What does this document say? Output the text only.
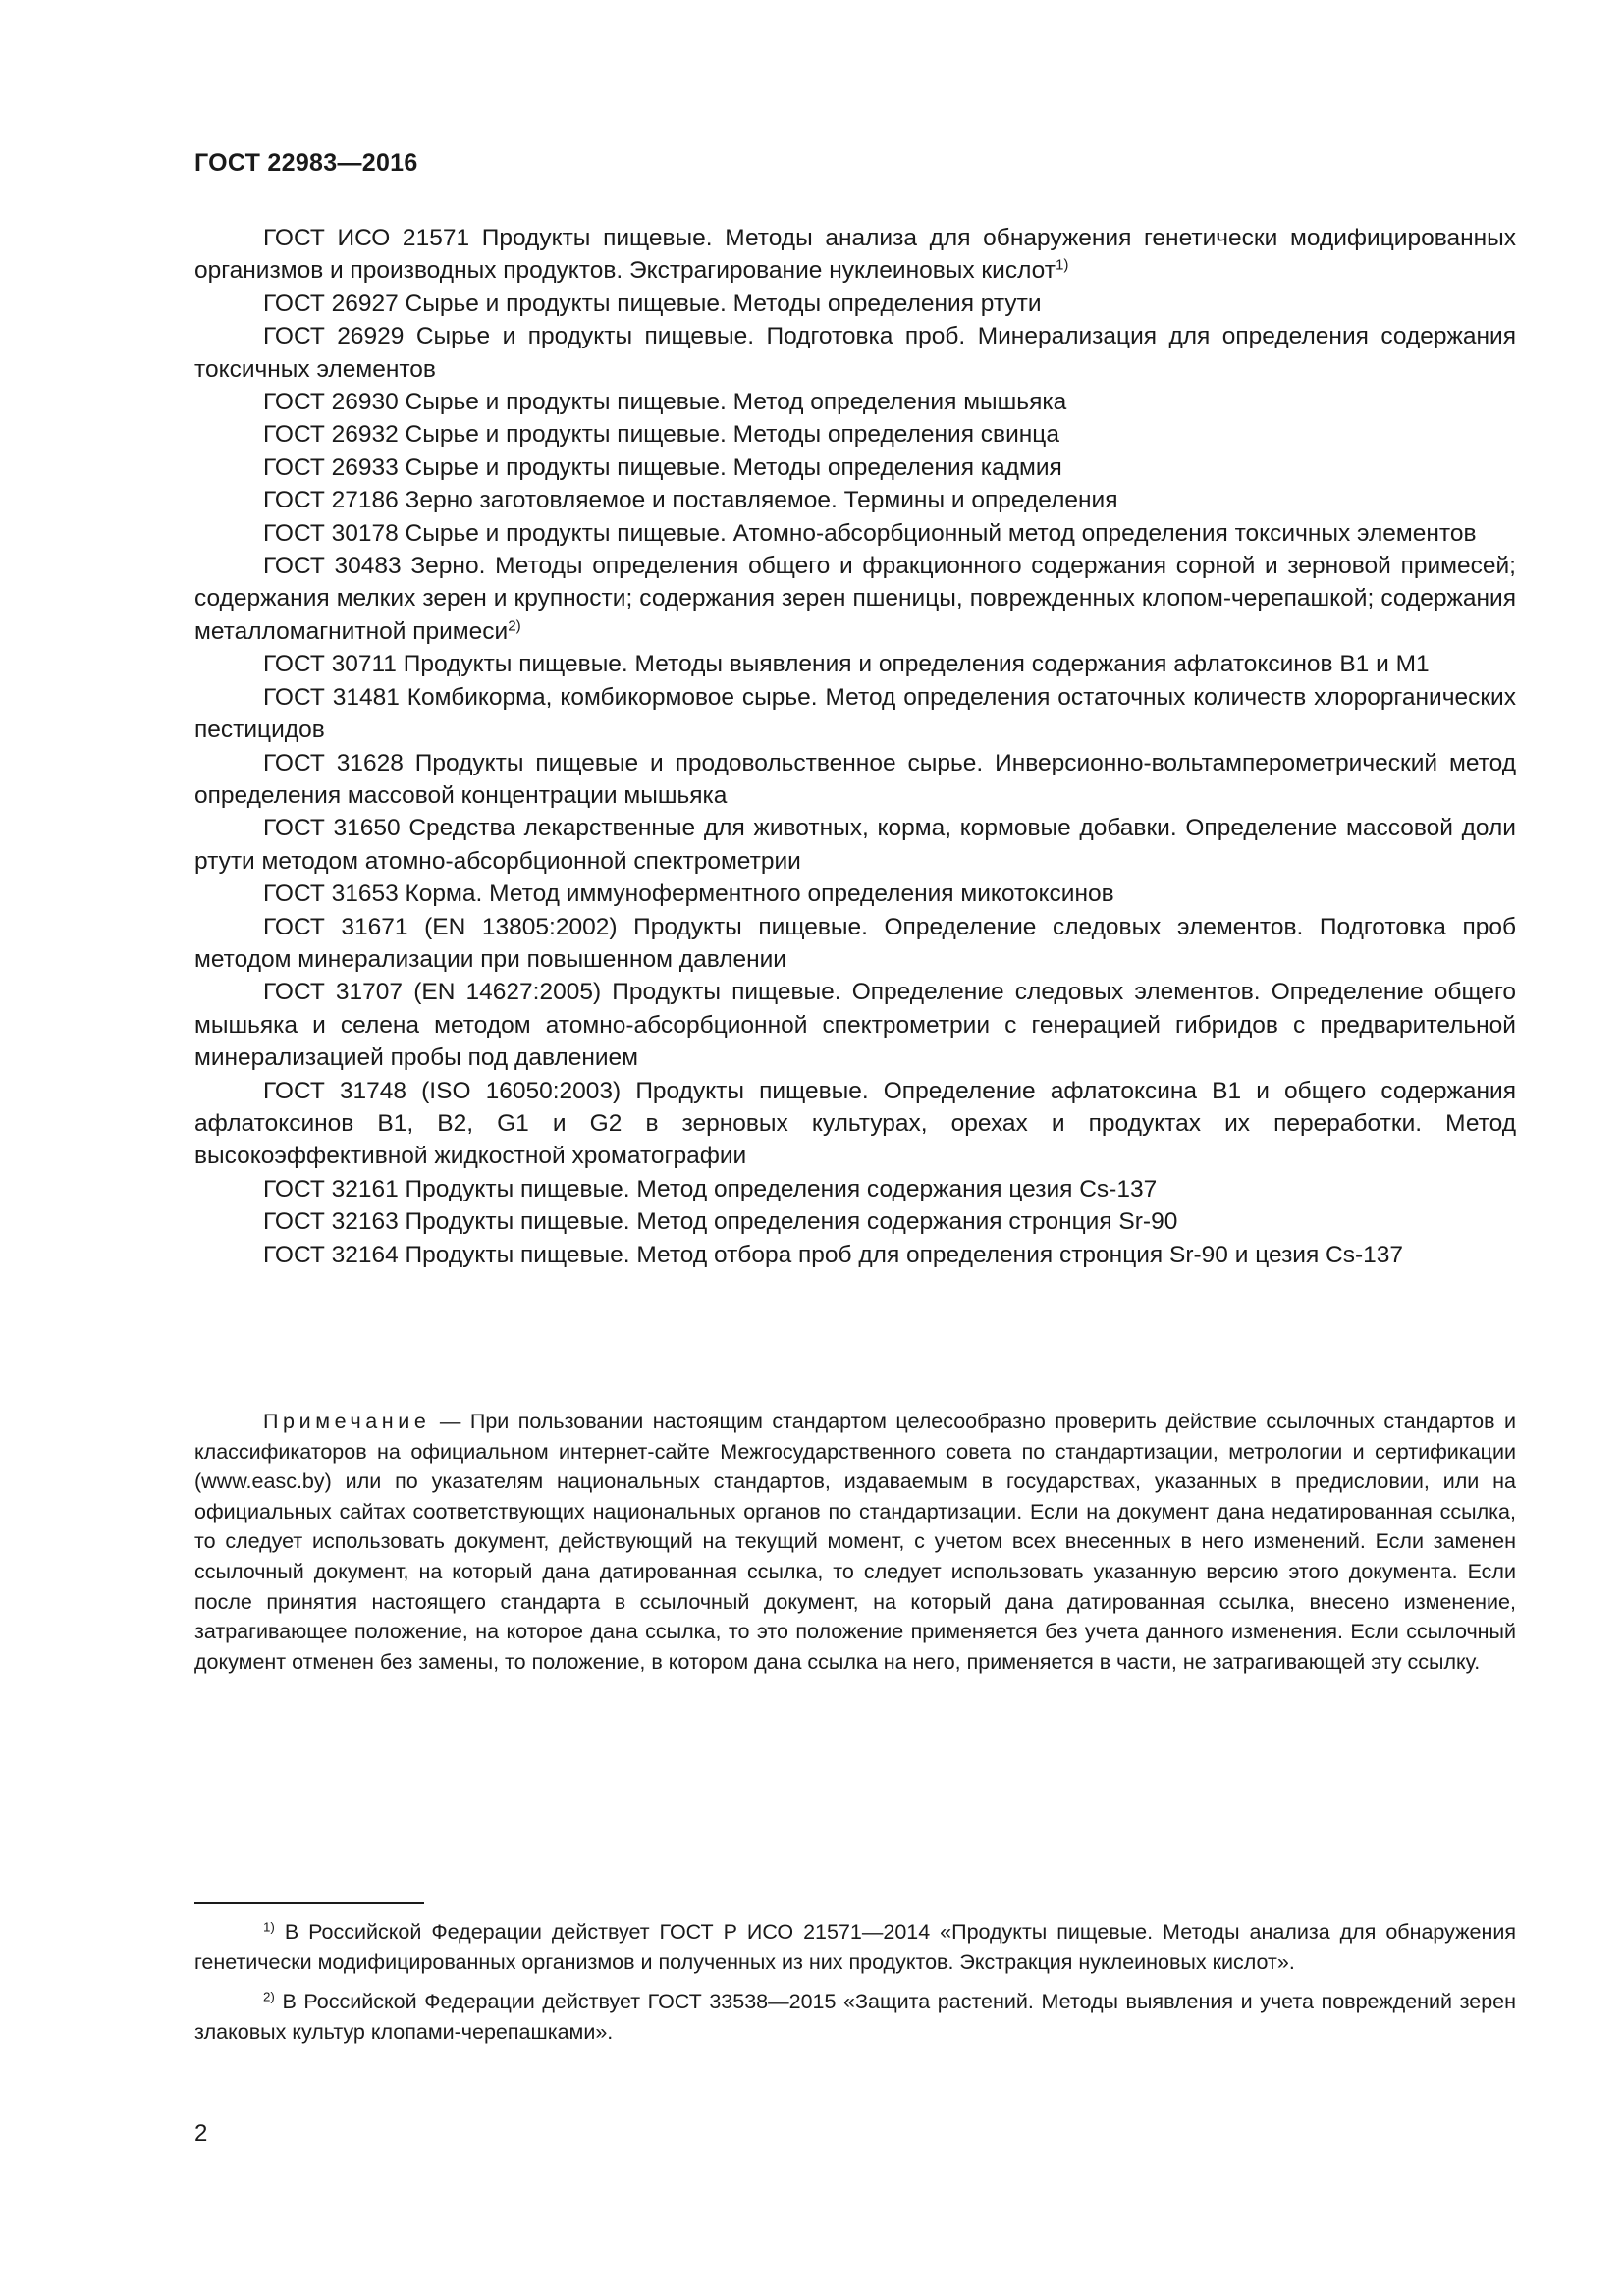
ГОСТ 22983—2016

ГОСТ ИСО 21571 Продукты пищевые. Методы анализа для обнаружения генетически модифицированных организмов и производных продуктов. Экстрагирование нуклеиновых кислот$^{1)}$

ГОСТ 26927 Сырье и продукты пищевые. Методы определения ртути

ГОСТ 26929 Сырье и продукты пищевые. Подготовка проб. Минерализация для определения содержания токсичных элементов

ГОСТ 26930 Сырье и продукты пищевые. Метод определения мышьяка

ГОСТ 26932 Сырье и продукты пищевые. Методы определения свинца

ГОСТ 26933 Сырье и продукты пищевые. Методы определения кадмия

ГОСТ 27186 Зерно заготовляемое и поставляемое. Термины и определения

ГОСТ 30178 Сырье и продукты пищевые. Атомно-абсорбционный метод определения токсичных элементов

ГОСТ 30483 Зерно. Методы определения общего и фракционного содержания сорной и зерновой примесей; содержания мелких зерен и крупности; содержания зерен пшеницы, поврежденных клопом-черепашкой; содержания металломагнитной примеси$^{2)}$

ГОСТ 30711 Продукты пищевые. Методы выявления и определения содержания афлатоксинов В1 и М1

ГОСТ 31481 Комбикорма, комбикормовое сырье. Метод определения остаточных количеств хлорорганических пестицидов

ГОСТ 31628 Продукты пищевые и продовольственное сырье. Инверсионно-вольтамперометрический метод определения массовой концентрации мышьяка

ГОСТ 31650 Средства лекарственные для животных, корма, кормовые добавки. Определение массовой доли ртути методом атомно-абсорбционной спектрометрии

ГОСТ 31653 Корма. Метод иммуноферментного определения микотоксинов

ГОСТ 31671 (EN 13805:2002) Продукты пищевые. Определение следовых элементов. Подготовка проб методом минерализации при повышенном давлении

ГОСТ 31707 (EN 14627:2005) Продукты пищевые. Определение следовых элементов. Определение общего мышьяка и селена методом атомно-абсорбционной спектрометрии с генерацией гибридов с предварительной минерализацией пробы под давлением

ГОСТ 31748 (ISO 16050:2003) Продукты пищевые. Определение афлатоксина В1 и общего содержания афлатоксинов В1, В2, G1 и G2 в зерновых культурах, орехах и продуктах их переработки. Метод высокоэффективной жидкостной хроматографии

ГОСТ 32161 Продукты пищевые. Метод определения содержания цезия Cs-137

ГОСТ 32163 Продукты пищевые. Метод определения содержания стронция Sr-90

ГОСТ 32164 Продукты пищевые. Метод отбора проб для определения стронция Sr-90 и цезия Cs-137

Примечание — При пользовании настоящим стандартом целесообразно проверить действие ссылочных стандартов и классификаторов на официальном интернет-сайте Межгосударственного совета по стандартизации, метрологии и сертификации (www.easc.by) или по указателям национальных стандартов, издаваемым в государствах, указанных в предисловии, или на официальных сайтах соответствующих национальных органов по стандартизации. Если на документ дана недатированная ссылка, то следует использовать документ, действующий на текущий момент, с учетом всех внесенных в него изменений. Если заменен ссылочный документ, на который дана датированная ссылка, то следует использовать указанную версию этого документа. Если после принятия настоящего стандарта в ссылочный документ, на который дана датированная ссылка, внесено изменение, затрагивающее положение, на которое дана ссылка, то это положение применяется без учета данного изменения. Если ссылочный документ отменен без замены, то положение, в котором дана ссылка на него, применяется в части, не затрагивающей эту ссылку.

$^{1)}$ В Российской Федерации действует ГОСТ Р ИСО 21571—2014 «Продукты пищевые. Методы анализа для обнаружения генетически модифицированных организмов и полученных из них продуктов. Экстракция нуклеиновых кислот».

$^{2)}$ В Российской Федерации действует ГОСТ 33538—2015 «Защита растений. Методы выявления и учета повреждений зерен злаковых культур клопами-черепашками».

2
